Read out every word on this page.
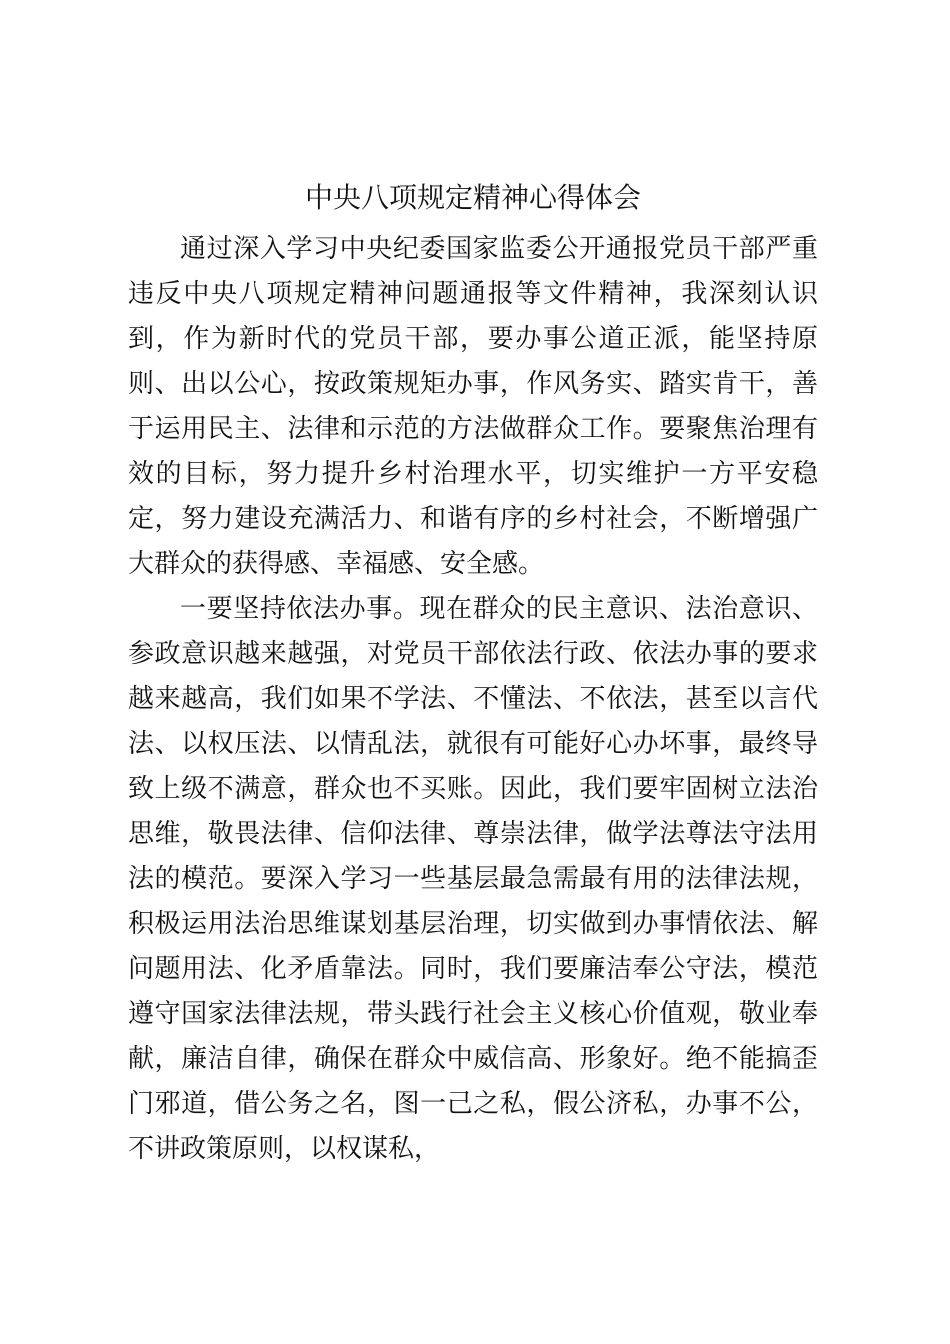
中央八项规定精神心得体会

通过深入学习中央纪委国家监委公开通报党员干部严重违反中央八项规定精神问题通报等文件精神，我深刻认识到，作为新时代的党员干部，要办事公道正派，能坚持原则、出以公心，按政策规矩办事，作风务实、踏实肯干，善于运用民主、法律和示范的方法做群众工作。要聚焦治理有效的目标，努力提升乡村治理水平，切实维护一方平安稳定，努力建设充满活力、和谐有序的乡村社会，不断增强广大群众的获得感、幸福感、安全感。

一要坚持依法办事。现在群众的民主意识、法治意识、参政意识越来越强，对党员干部依法行政、依法办事的要求越来越高，我们如果不学法、不懂法、不依法，甚至以言代法、以权压法、以情乱法，就很有可能好心办坏事，最终导致上级不满意，群众也不买账。因此，我们要牢固树立法治思维，敬畏法律、信仰法律、尊崇法律，做学法尊法守法用法的模范。要深入学习一些基层最急需最有用的法律法规，积极运用法治思维谋划基层治理，切实做到办事情依法、解问题用法、化矛盾靠法。同时，我们要廉洁奉公守法，模范遵守国家法律法规，带头践行社会主义核心价值观，敬业奉献，廉洁自律，确保在群众中威信高、形象好。绝不能搞歪门邪道，借公务之名，图一己之私，假公济私，办事不公，不讲政策原则，以权谋私，
